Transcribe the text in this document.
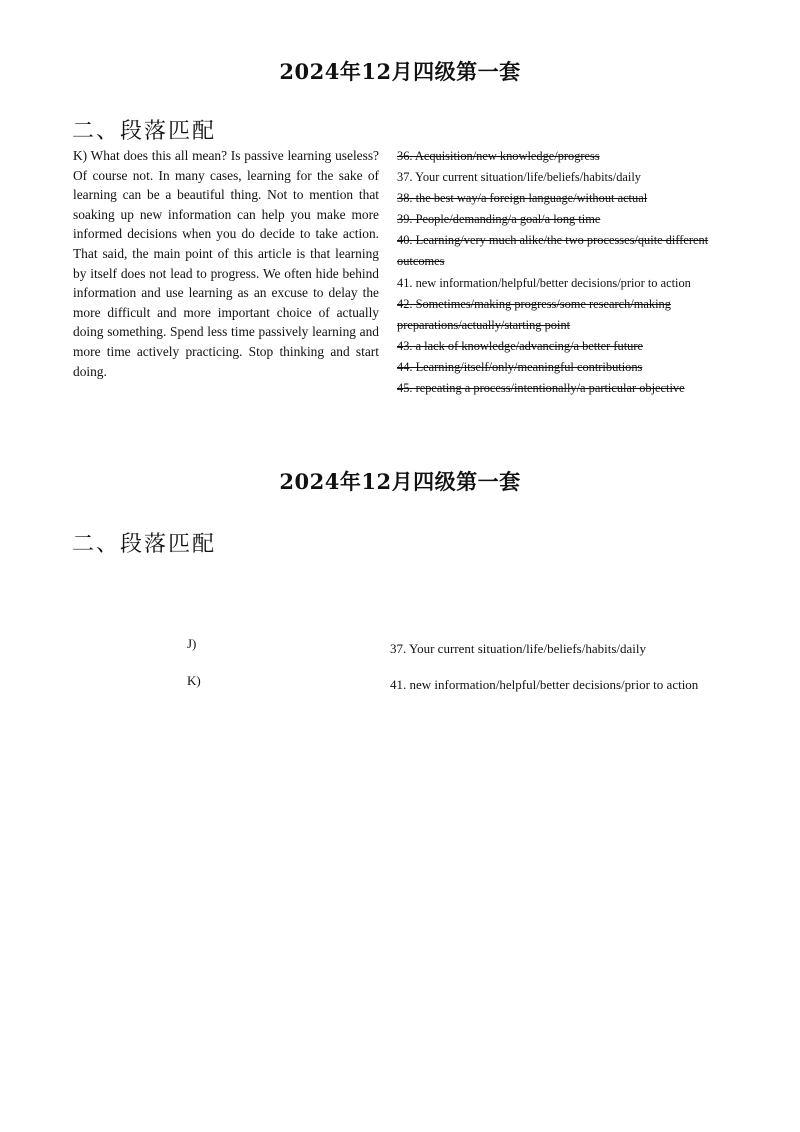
2024年12月四级第一套
二、段落匹配

K) What does this all mean? Is passive learning useless? Of course not. In many cases, learning for the sake of learning can be a beautiful thing. Not to mention that soaking up new information can help you make more informed decisions when you do decide to take action. That said, the main point of this article is that learning by itself does not lead to progress. We often hide behind information and use learning as an excuse to delay the more difficult and more important choice of actually doing something. Spend less time passively learning and more time actively practicing. Stop thinking and start doing.

36. Acquisition/new knowledge/progress
37. Your current situation/life/beliefs/habits/daily
38. the best way/a foreign language/without actual
39. People/demanding/a goal/a long time
40. Learning/very much alike/the two processes/quite different outcomes
41. new information/helpful/better decisions/prior to action
42. Sometimes/making progress/some research/making preparations/actually/starting point
43. a lack of knowledge/advancing/a better future
44. Learning/itself/only/meaningful contributions
45. repeating a process/intentionally/a particular objective
2024年12月四级第一套
二、段落匹配
J)	37. Your current situation/life/beliefs/habits/daily
K)	41. new information/helpful/better decisions/prior to action
